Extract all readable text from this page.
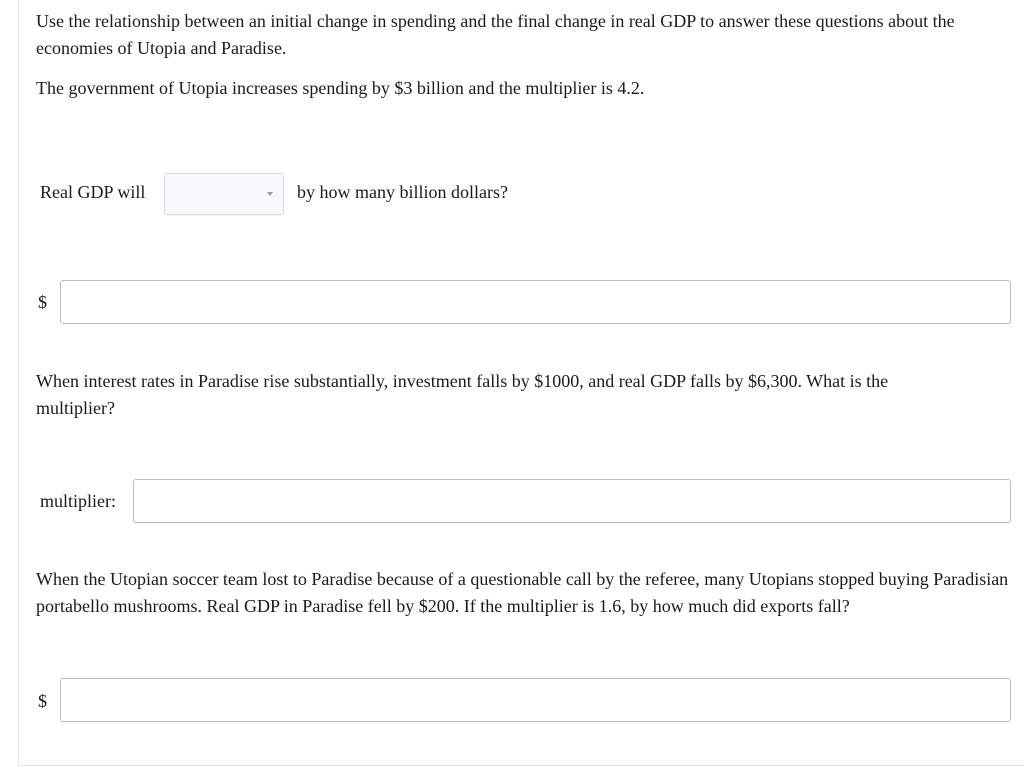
Use the relationship between an initial change in spending and the final change in real GDP to answer these questions about the economies of Utopia and Paradise.

The government of Utopia increases spending by $3 billion and the multiplier is 4.2.

Real GDP will	by how many billion dollars?
$

When interest rates in Paradise rise substantially, investment falls by $1000, and real GDP falls by $6,300. What is the multiplier?

multiplier:

When the Utopian soccer team lost to Paradise because of a questionable call by the referee, many Utopians stopped buying Paradisian portabello mushrooms. Real GDP in Paradise fell by $200. If the multiplier is 1.6, by how much did exports fall?

$
